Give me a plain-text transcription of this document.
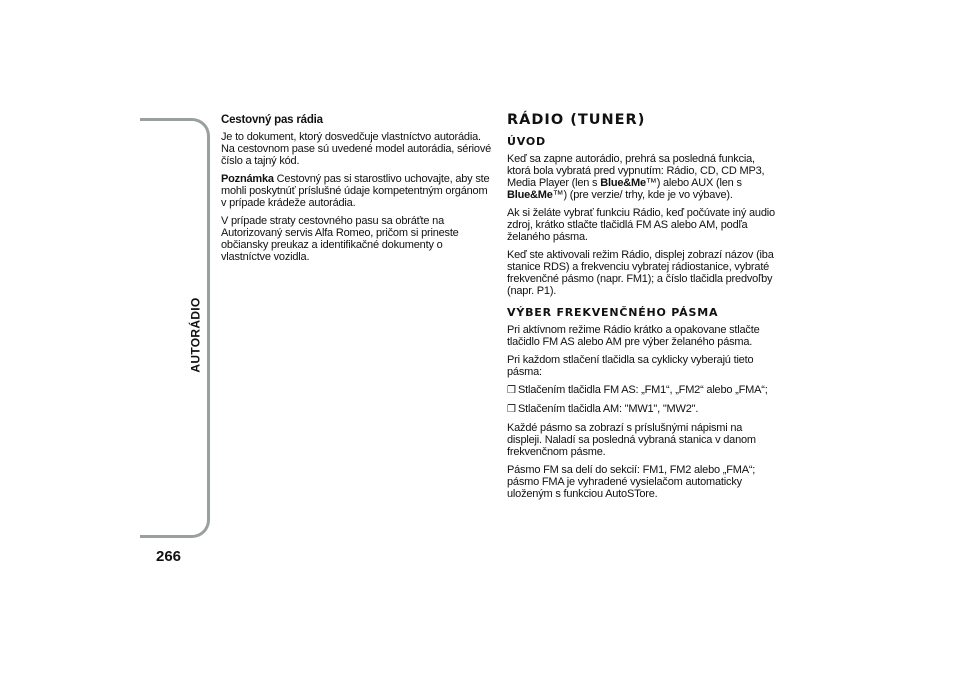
AUTORÁDIO
266

Cestovný pas rádia

Je to dokument, ktorý dosvedčuje vlastníctvo autorádia. Na cestovnom pase sú uvedené model autorádia, sériové číslo a tajný kód.

Poznámka Cestovný pas si starostlivo uchovajte, aby ste mohli poskytnúť príslušné údaje kompetentným orgánom v prípade krádeže autorádia.

V prípade straty cestovného pasu sa obráťte na Autorizovaný servis Alfa Romeo, pričom si prineste občiansky preukaz a identifikačné dokumenty o vlastníctve vozidla.

RÁDIO (TUNER)

ÚVOD

Keď sa zapne autorádio, prehrá sa posledná funkcia, ktorá bola vybratá pred vypnutím: Rádio, CD, CD MP3, Media Player (len s Blue&Me™) alebo AUX (len s Blue&Me™) (pre verzie/ trhy, kde je vo výbave).

Ak si želáte vybrať funkciu Rádio, keď počúvate iný audio zdroj, krátko stlačte tlačidlá FM AS alebo AM, podľa želaného pásma.

Keď ste aktivovali režim Rádio, displej zobrazí názov (iba stanice RDS) a frekvenciu vybratej rádiostanice, vybraté frekvenčné pásmo (napr. FM1); a číslo tlačidla predvoľby (napr. P1).

VÝBER FREKVENČNÉHO PÁSMA

Pri aktívnom režime Rádio krátko a opakovane stlačte tlačidlo FM AS alebo AM pre výber želaného pásma.

Pri každom stlačení tlačidla sa cyklicky vyberajú tieto pásma:

❒ Stlačením tlačidla FM AS: „FM1“, „FM2“ alebo „FMA“;

❒ Stlačením tlačidla AM: "MW1", "MW2".

Každé pásmo sa zobrazí s príslušnými nápismi na displeji. Naladí sa posledná vybraná stanica v danom frekvenčnom pásme.

Pásmo FM sa delí do sekcií: FM1, FM2 alebo „FMA“; pásmo FMA je vyhradené vysielačom automaticky uloženým s funkciou AutoSTore.
